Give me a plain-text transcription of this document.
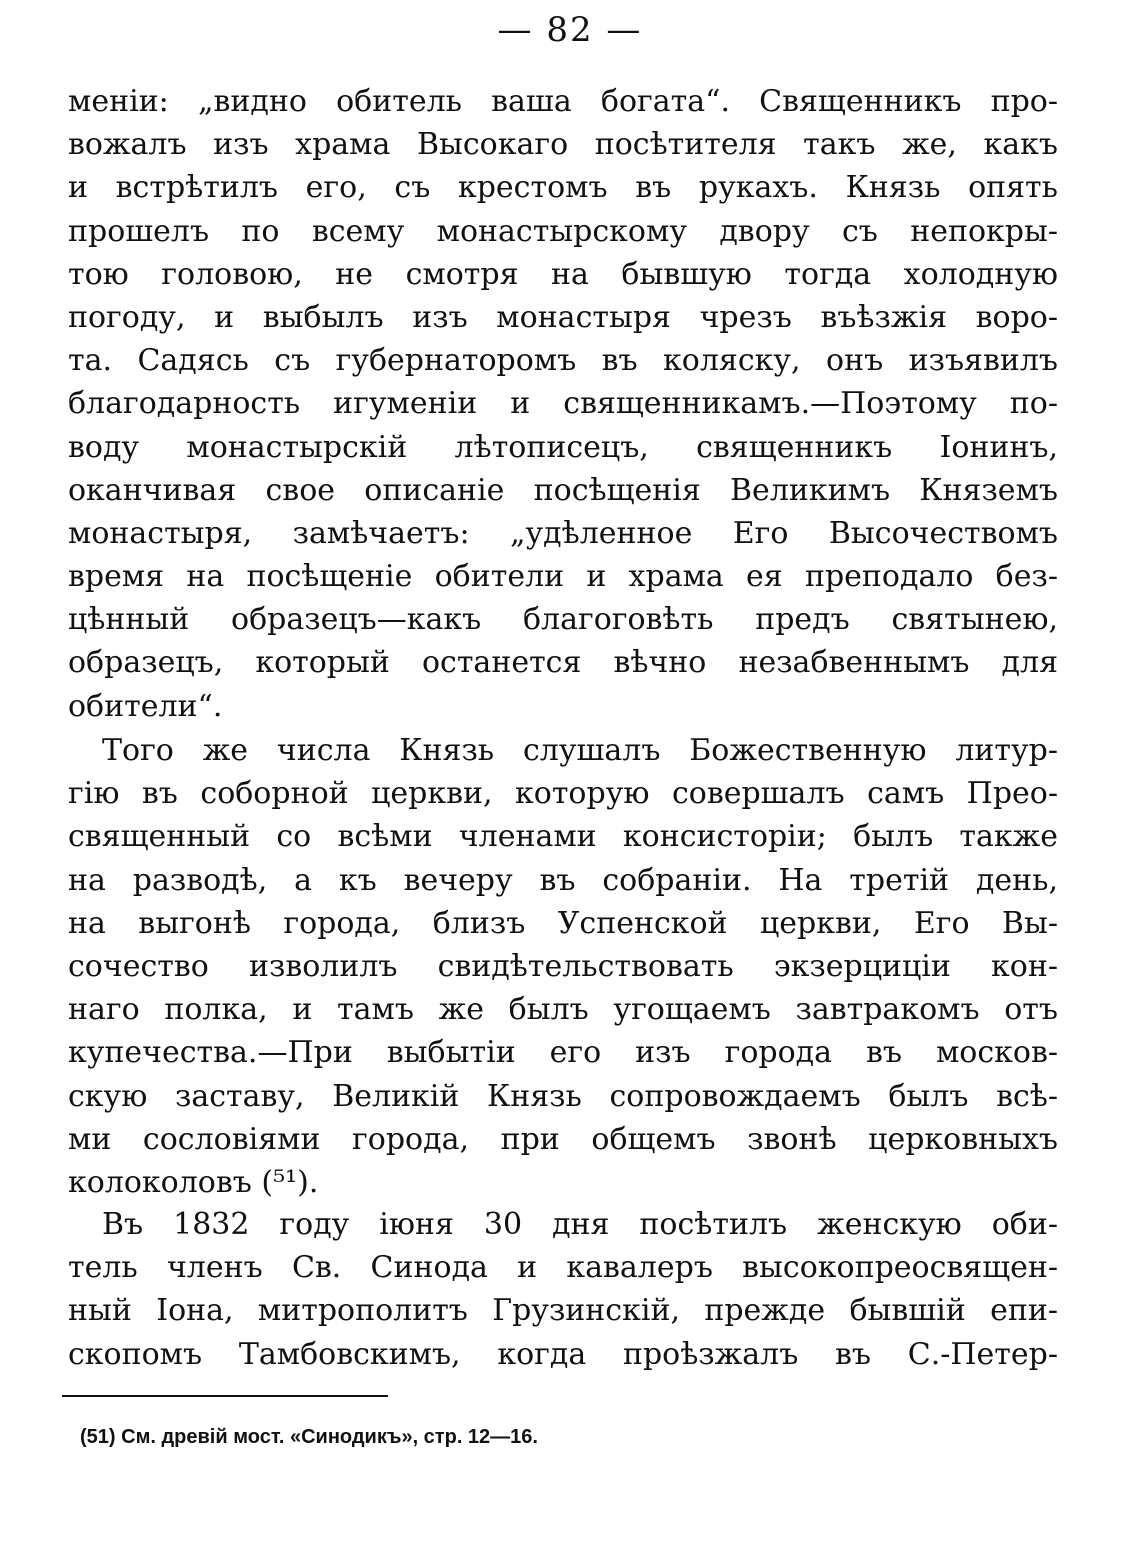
— 82 —
меніи: „видно обитель ваша богата“. Священникъ про-
вожалъ изъ храма Высокаго посѣтителя такъ же, какъ
и встрѣтилъ его, съ крестомъ въ рукахъ. Князь опять
прошелъ по всему монастырскому двору съ непокры-
тою головою, не смотря на бывшую тогда холодную
погоду, и выбылъ изъ монастыря чрезъ въѣзжія воро-
та. Садясь съ губернаторомъ въ коляску, онъ изъявилъ
благодарность игуменіи и священникамъ.—Поэтому по-
воду монастырскій лѣтописецъ, священникъ Іонинъ,
оканчивая свое описаніе посѣщенія Великимъ Княземъ
монастыря, замѣчаетъ: „удѣленное Его Высочествомъ
время на посѣщеніе обители и храма ея преподало без-
цѣнный образецъ—какъ благоговѣть предъ святынею,
образецъ, который останется вѣчно незабвеннымъ для
обители“.
Того же числа Князь слушалъ Божественную литур-
гію въ соборной церкви, которую совершалъ самъ Прео-
священный со всѣми членами консисторіи; былъ также
на разводѣ, а къ вечеру въ собраніи. На третій день,
на выгонѣ города, близъ Успенской церкви, Его Вы-
сочество изволилъ свидѣтельствовать экзерциціи кон-
наго полка, и тамъ же былъ угощаемъ завтракомъ отъ
купечества.—При выбытіи его изъ города въ москов-
скую заставу, Великій Князь сопровождаемъ былъ всѣ-
ми сословіями города, при общемъ звонѣ церковныхъ
колоколовъ (⁵¹).
Въ 1832 году іюня 30 дня посѣтилъ женскую оби-
тель членъ Св. Синода и кавалеръ высокопреосвящен-
ный Іона, митрополитъ Грузинскій, прежде бывшій епи-
скопомъ Тамбовскимъ, когда проѣзжалъ въ С.-Петер-
(51) См. древій мост. «Синодикъ», стр. 12—16.
